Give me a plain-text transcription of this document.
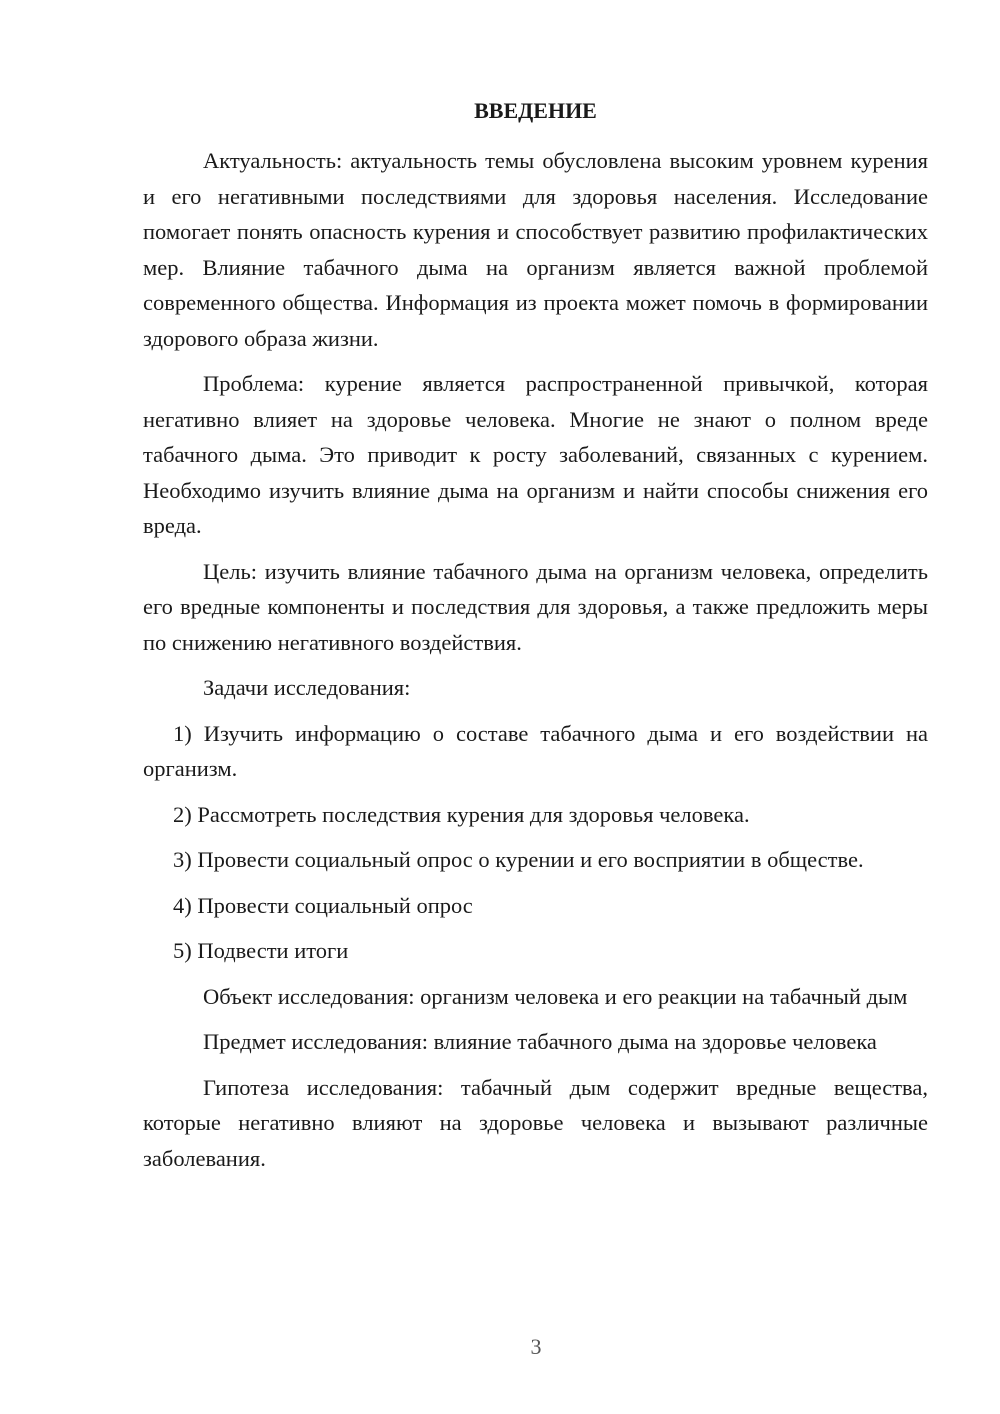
ВВЕДЕНИЕ

Актуальность: актуальность темы обусловлена высоким уровнем курения и его негативными последствиями для здоровья населения. Исследование помогает понять опасность курения и способствует развитию профилактических мер. Влияние табачного дыма на организм является важной проблемой современного общества. Информация из проекта может помочь в формировании здорового образа жизни.

Проблема: курение является распространенной привычкой, которая негативно влияет на здоровье человека. Многие не знают о полном вреде табачного дыма. Это приводит к росту заболеваний, связанных с курением. Необходимо изучить влияние дыма на организм и найти способы снижения его вреда.

Цель: изучить влияние табачного дыма на организм человека, определить его вредные компоненты и последствия для здоровья, а также предложить меры по снижению негативного воздействия.

Задачи исследования:

1) Изучить информацию о составе табачного дыма и его воздействии на организм.

2) Рассмотреть последствия курения для здоровья человека.

3) Провести социальный опрос о курении и его восприятии в обществе.

4) Провести социальный опрос

5) Подвести итоги

Объект исследования: организм человека и его реакции на табачный дым

Предмет исследования: влияние табачного дыма на здоровье человека

Гипотеза исследования: табачный дым содержит вредные вещества, которые негативно влияют на здоровье человека и вызывают различные заболевания.

3
